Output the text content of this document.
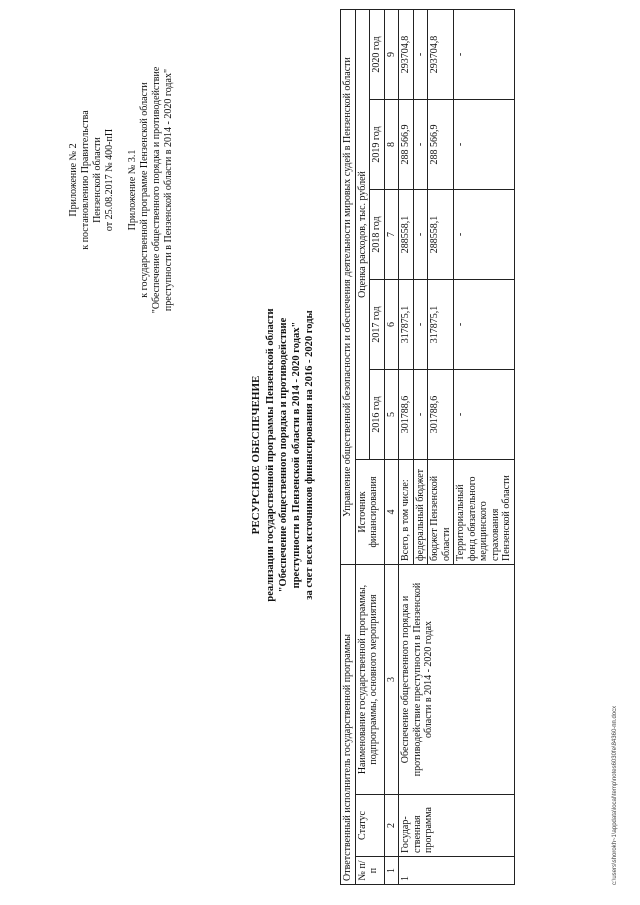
Приложение № 2 к постановлению Правительства Пензенской области от 25.08.2017 № 400-пП Приложение № 3.1 к государственной программе Пензенской области "Обеспечение общественного порядка и противодействие преступности в Пензенской области в 2014 - 2020 годах"
РЕСУРСНОЕ ОБЕСПЕЧЕНИЕ реализации государственной программы Пензенской области "Обеспечение общественного порядка и противодействие преступности в Пензенской области в 2014 - 2020 годах" за счет всех источников финансирования на 2016 - 2020 годы
Ответственный исполнитель государственной программы			Управление общественной безопасности и обеспечения деятельности мировых судей в Пензенской области					
№ п/п	Статус	Наименование государственной программы, подпрограммы, основного мероприятия	Источник финансирования	Оценка расходов, тыс. рублей				
				2016 год	2017 год	2018 год	2019 год	2020 год
1	2	3	4	5	6	7	8	9
1	Государ-ственная программа	Обеспечение общественного порядка и противодействие преступности в Пензенской области в 2014 - 2020 годах	Всего, в том числе:	301788,6	317875,1	288558,1	288 566,9	293704,8
			федеральный бюджет	-	-	-	-	-
			бюджет Пензенской области	301788,6	317875,1	288558,1	288 566,9	293704,8
			Территориальный фонд обязательного медицинского страхования Пензенской области	-	-	-	-	-
c:\users\shorokh~1\appdata\local\temp\notes6030fe\84360-пп.docx
